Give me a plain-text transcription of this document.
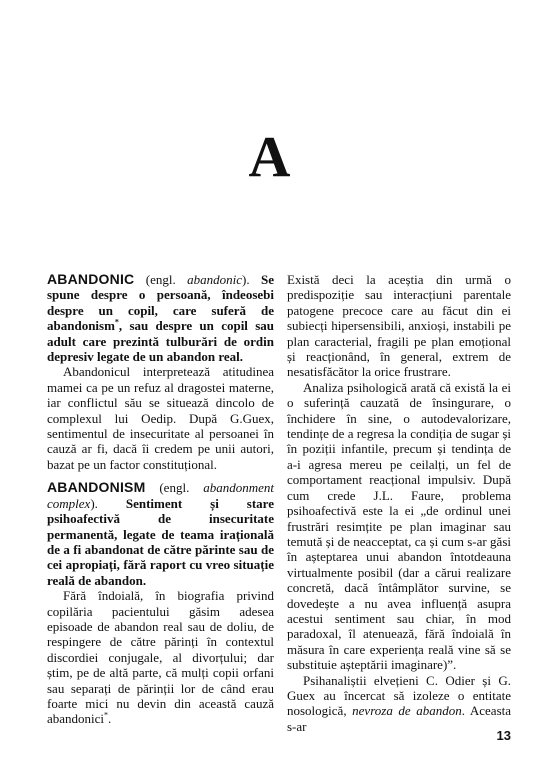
A

ABANDONIC (engl. abandonic). Se spune despre o persoană, îndeosebi despre un copil, care suferă de abandonism*, sau despre un copil sau adult care prezintă tulburări de ordin depresiv legate de un abandon real.

Abandonicul interpretează atitudinea mamei ca pe un refuz al dragostei materne, iar conflictul său se situează dincolo de complexul lui Oedip. După G.Guex, sentimentul de insecuritate al persoanei în cauză ar fi, dacă îi credem pe unii autori, bazat pe un factor constituțional.

ABANDONISM (engl. abandonment complex). Sentiment și stare psihoafectivă de insecuritate permanentă, legate de teama irațională de a fi abandonat de către părinte sau de cei apropiați, fără raport cu vreo situație reală de abandon.

Fără îndoială, în biografia privind copilăria pacientului găsim adesea episoade de abandon real sau de doliu, de respingere de către părinți în contextul discordiei conjugale, al divorțului; dar știm, pe de altă parte, că mulți copii orfani sau separați de părinții lor de când erau foarte mici nu devin din această cauză abandonici*.

Există deci la aceștia din urmă o predispoziție sau interacțiuni parentale patogene precoce care au făcut din ei subiecți hipersensibili, anxioși, instabili pe plan caracterial, fragili pe plan emoțional și reacționând, în general, extrem de nesatisfăcător la orice frustrare.

Analiza psihologică arată că există la ei o suferință cauzată de însingurare, o închidere în sine, o autodevalorizare, tendințe de a regresa la condiția de sugar și în poziții infantile, precum și tendința de a-i agresa mereu pe ceilalți, un fel de comportament reacțional impulsiv. După cum crede J.L. Faure, problema psihoafectivă este la ei „de ordinul unei frustrări resimțite pe plan imaginar sau temută și de neacceptat, ca și cum s-ar găsi în așteptarea unui abandon întotdeauna virtualmente posibil (dar a cărui realizare concretă, dacă întâmplător survine, se dovedește a nu avea influență asupra acestui sentiment sau chiar, în mod paradoxal, îl atenuează, fără îndoială în măsura în care experiența reală vine să se substituie așteptării imaginare)”.

Psihanaliștii elvețieni C. Odier și G. Guex au încercat să izoleze o entitate nosologică, nevroza de abandon. Aceasta s-ar

13
